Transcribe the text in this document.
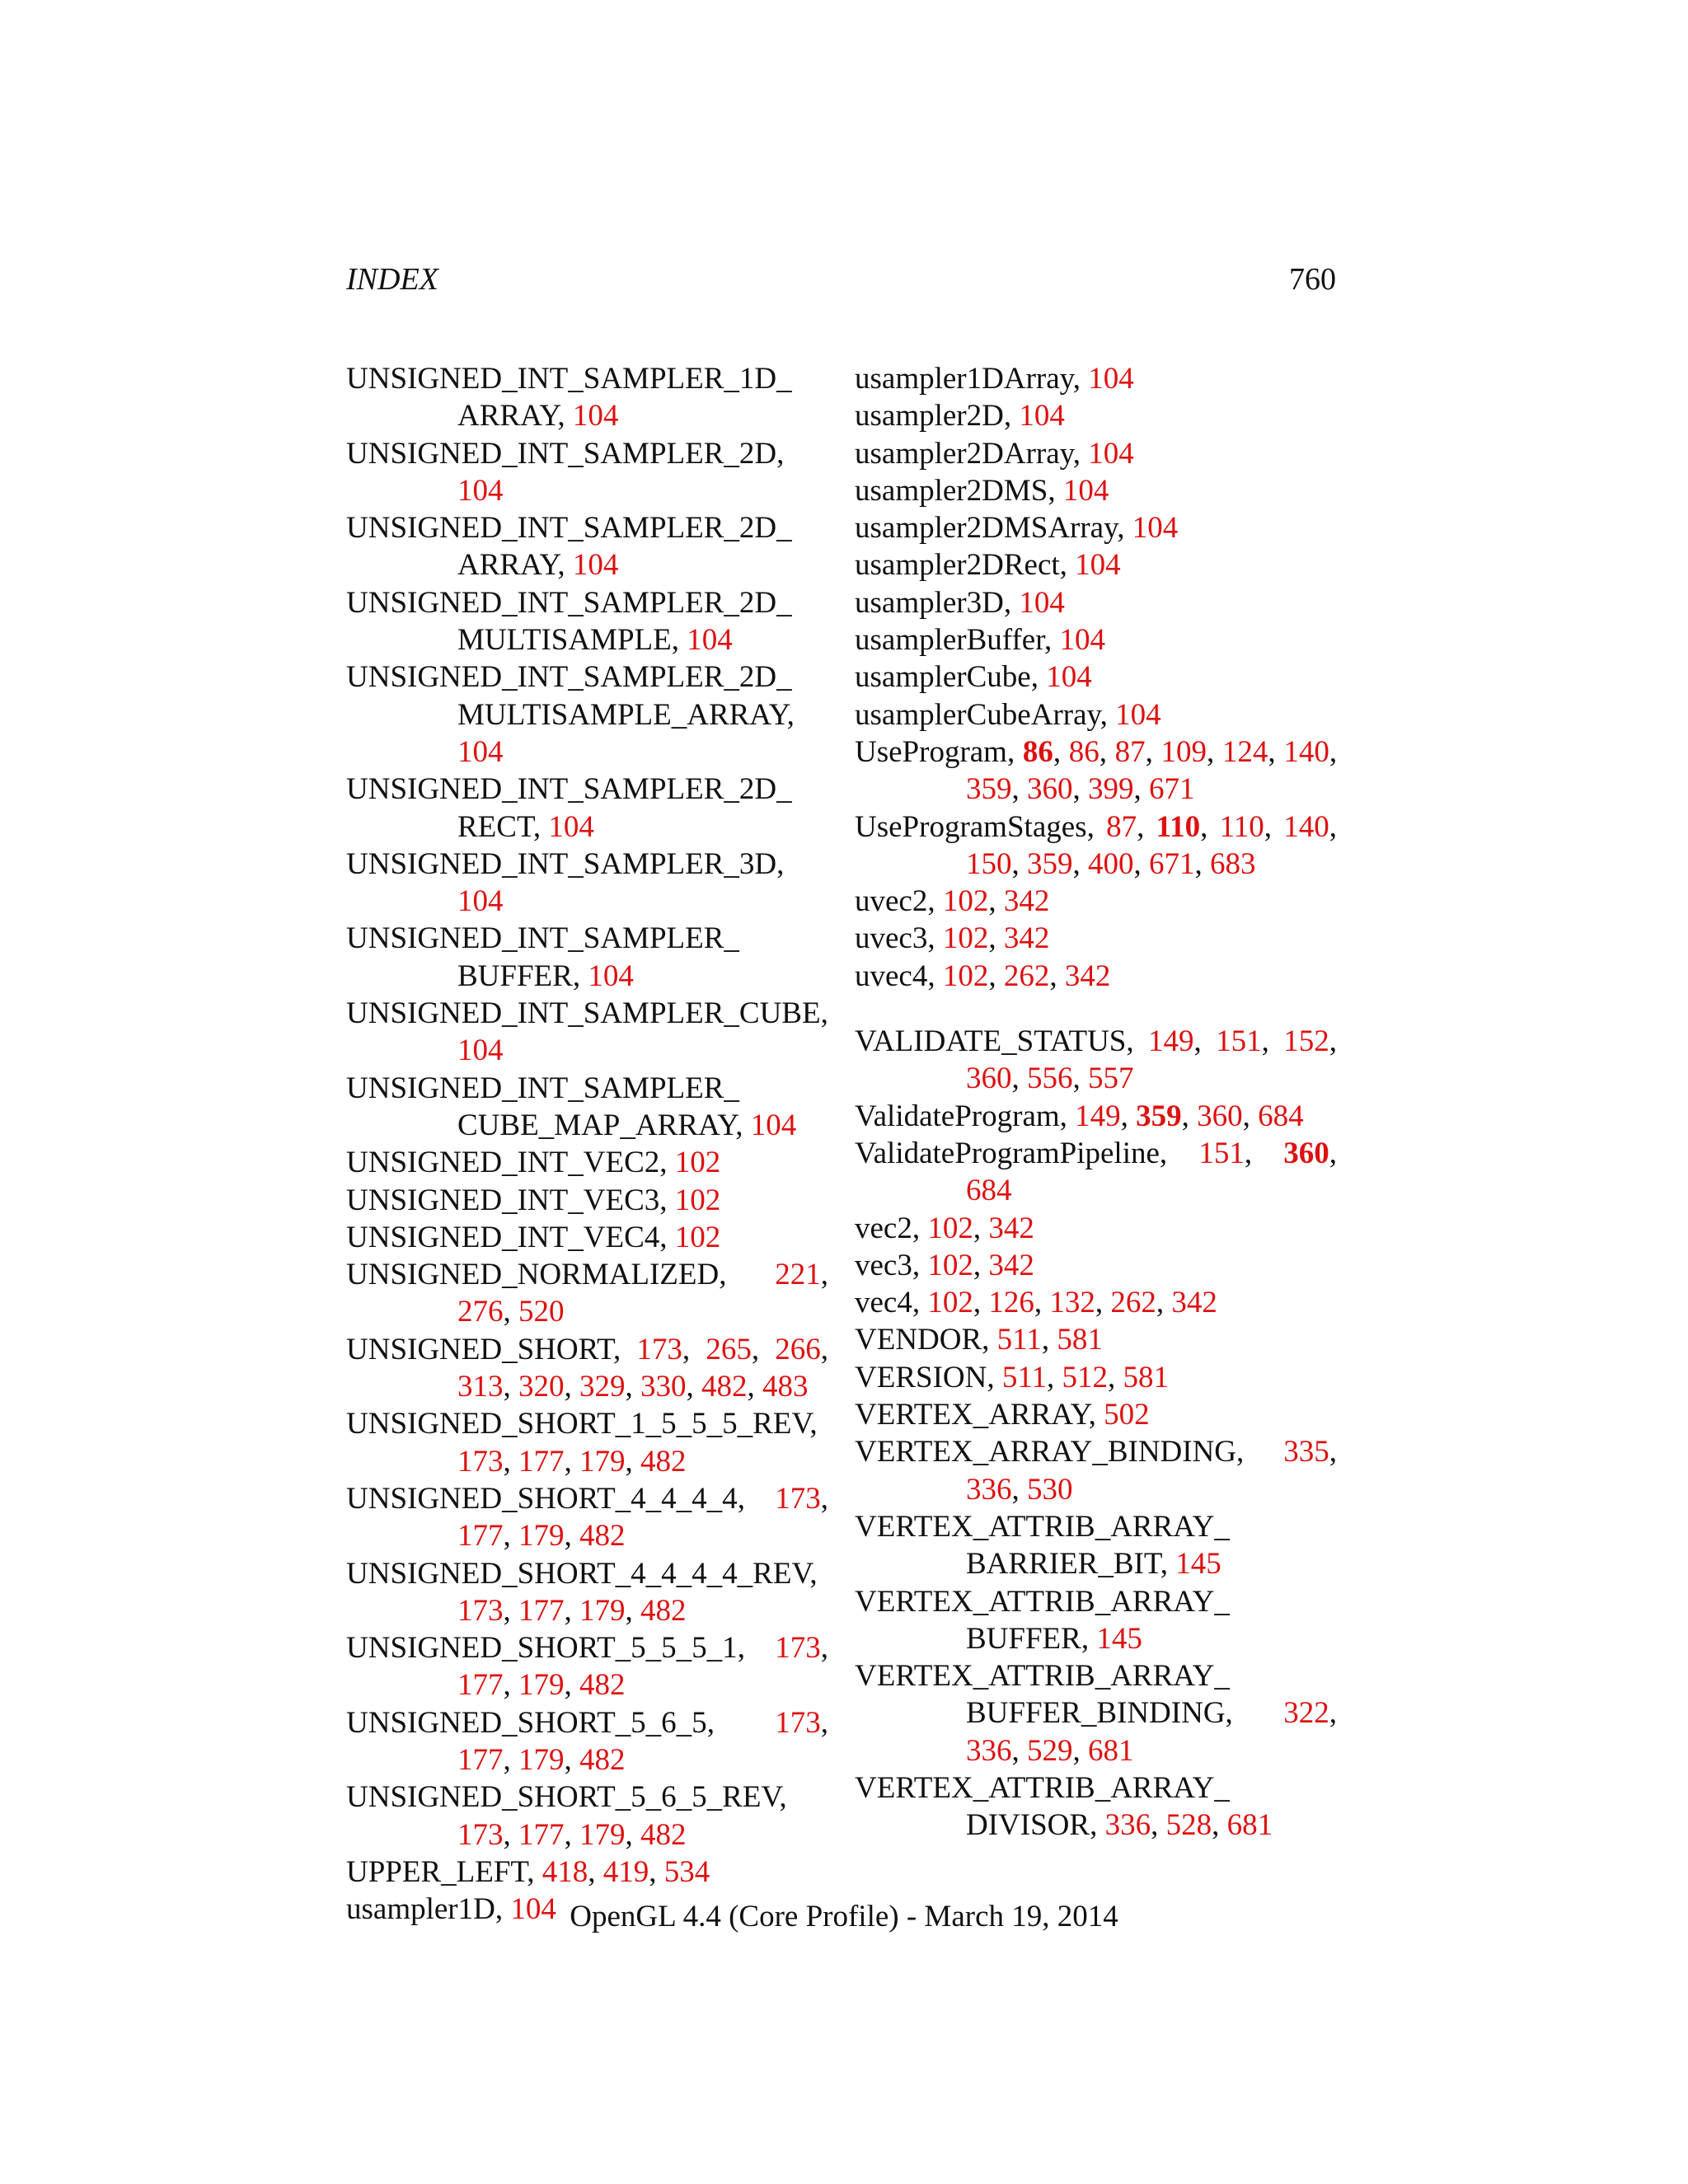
INDEX	760
UNSIGNED_​INT_​SAMPLER_​1D_​ARRAY, 104
UNSIGNED_​INT_​SAMPLER_​2D, 104
UNSIGNED_​INT_​SAMPLER_​2D_​ARRAY, 104
UNSIGNED_​INT_​SAMPLER_​2D_​MULTISAMPLE, 104
UNSIGNED_​INT_​SAMPLER_​2D_​MULTISAMPLE_​ARRAY, 104
UNSIGNED_​INT_​SAMPLER_​2D_​RECT, 104
UNSIGNED_​INT_​SAMPLER_​3D, 104
UNSIGNED_​INT_​SAMPLER_​BUFFER, 104
UNSIGNED_​INT_​SAMPLER_​CUBE, 104
UNSIGNED_​INT_​SAMPLER_​CUBE_​MAP_​ARRAY, 104
UNSIGNED_​INT_​VEC2, 102
UNSIGNED_​INT_​VEC3, 102
UNSIGNED_​INT_​VEC4, 102
UNSIGNED_​NORMALIZED, 221, 276, 520
UNSIGNED_​SHORT, 173, 265, 266, 313, 320, 329, 330, 482, 483
UNSIGNED_​SHORT_​1_​5_​5_​5_​REV, 173, 177, 179, 482
UNSIGNED_​SHORT_​4_​4_​4_​4, 173, 177, 179, 482
UNSIGNED_​SHORT_​4_​4_​4_​4_​REV, 173, 177, 179, 482
UNSIGNED_​SHORT_​5_​5_​5_​1, 173, 177, 179, 482
UNSIGNED_​SHORT_​5_​6_​5, 173, 177, 179, 482
UNSIGNED_​SHORT_​5_​6_​5_​REV, 173, 177, 179, 482
UPPER_​LEFT, 418, 419, 534
usampler1D, 104
usampler1DArray, 104
usampler2D, 104
usampler2DArray, 104
usampler2DMS, 104
usampler2DMSArray, 104
usampler2DRect, 104
usampler3D, 104
usamplerBuffer, 104
usamplerCube, 104
usamplerCubeArray, 104
UseProgram, 86, 86, 87, 109, 124, 140, 359, 360, 399, 671
UseProgramStages, 87, 110, 110, 140, 150, 359, 400, 671, 683
uvec2, 102, 342
uvec3, 102, 342
uvec4, 102, 262, 342
VALIDATE_​STATUS, 149, 151, 152, 360, 556, 557
ValidateProgram, 149, 359, 360, 684
ValidateProgramPipeline, 151, 360, 684
vec2, 102, 342
vec3, 102, 342
vec4, 102, 126, 132, 262, 342
VENDOR, 511, 581
VERSION, 511, 512, 581
VERTEX_​ARRAY, 502
VERTEX_​ARRAY_​BINDING, 335, 336, 530
VERTEX_​ATTRIB_​ARRAY_​BARRIER_​BIT, 145
VERTEX_​ATTRIB_​ARRAY_​BUFFER, 145
VERTEX_​ATTRIB_​ARRAY_​BUFFER_​BINDING, 322, 336, 529, 681
VERTEX_​ATTRIB_​ARRAY_​DIVISOR, 336, 528, 681
OpenGL 4.4 (Core Profile) - March 19, 2014
